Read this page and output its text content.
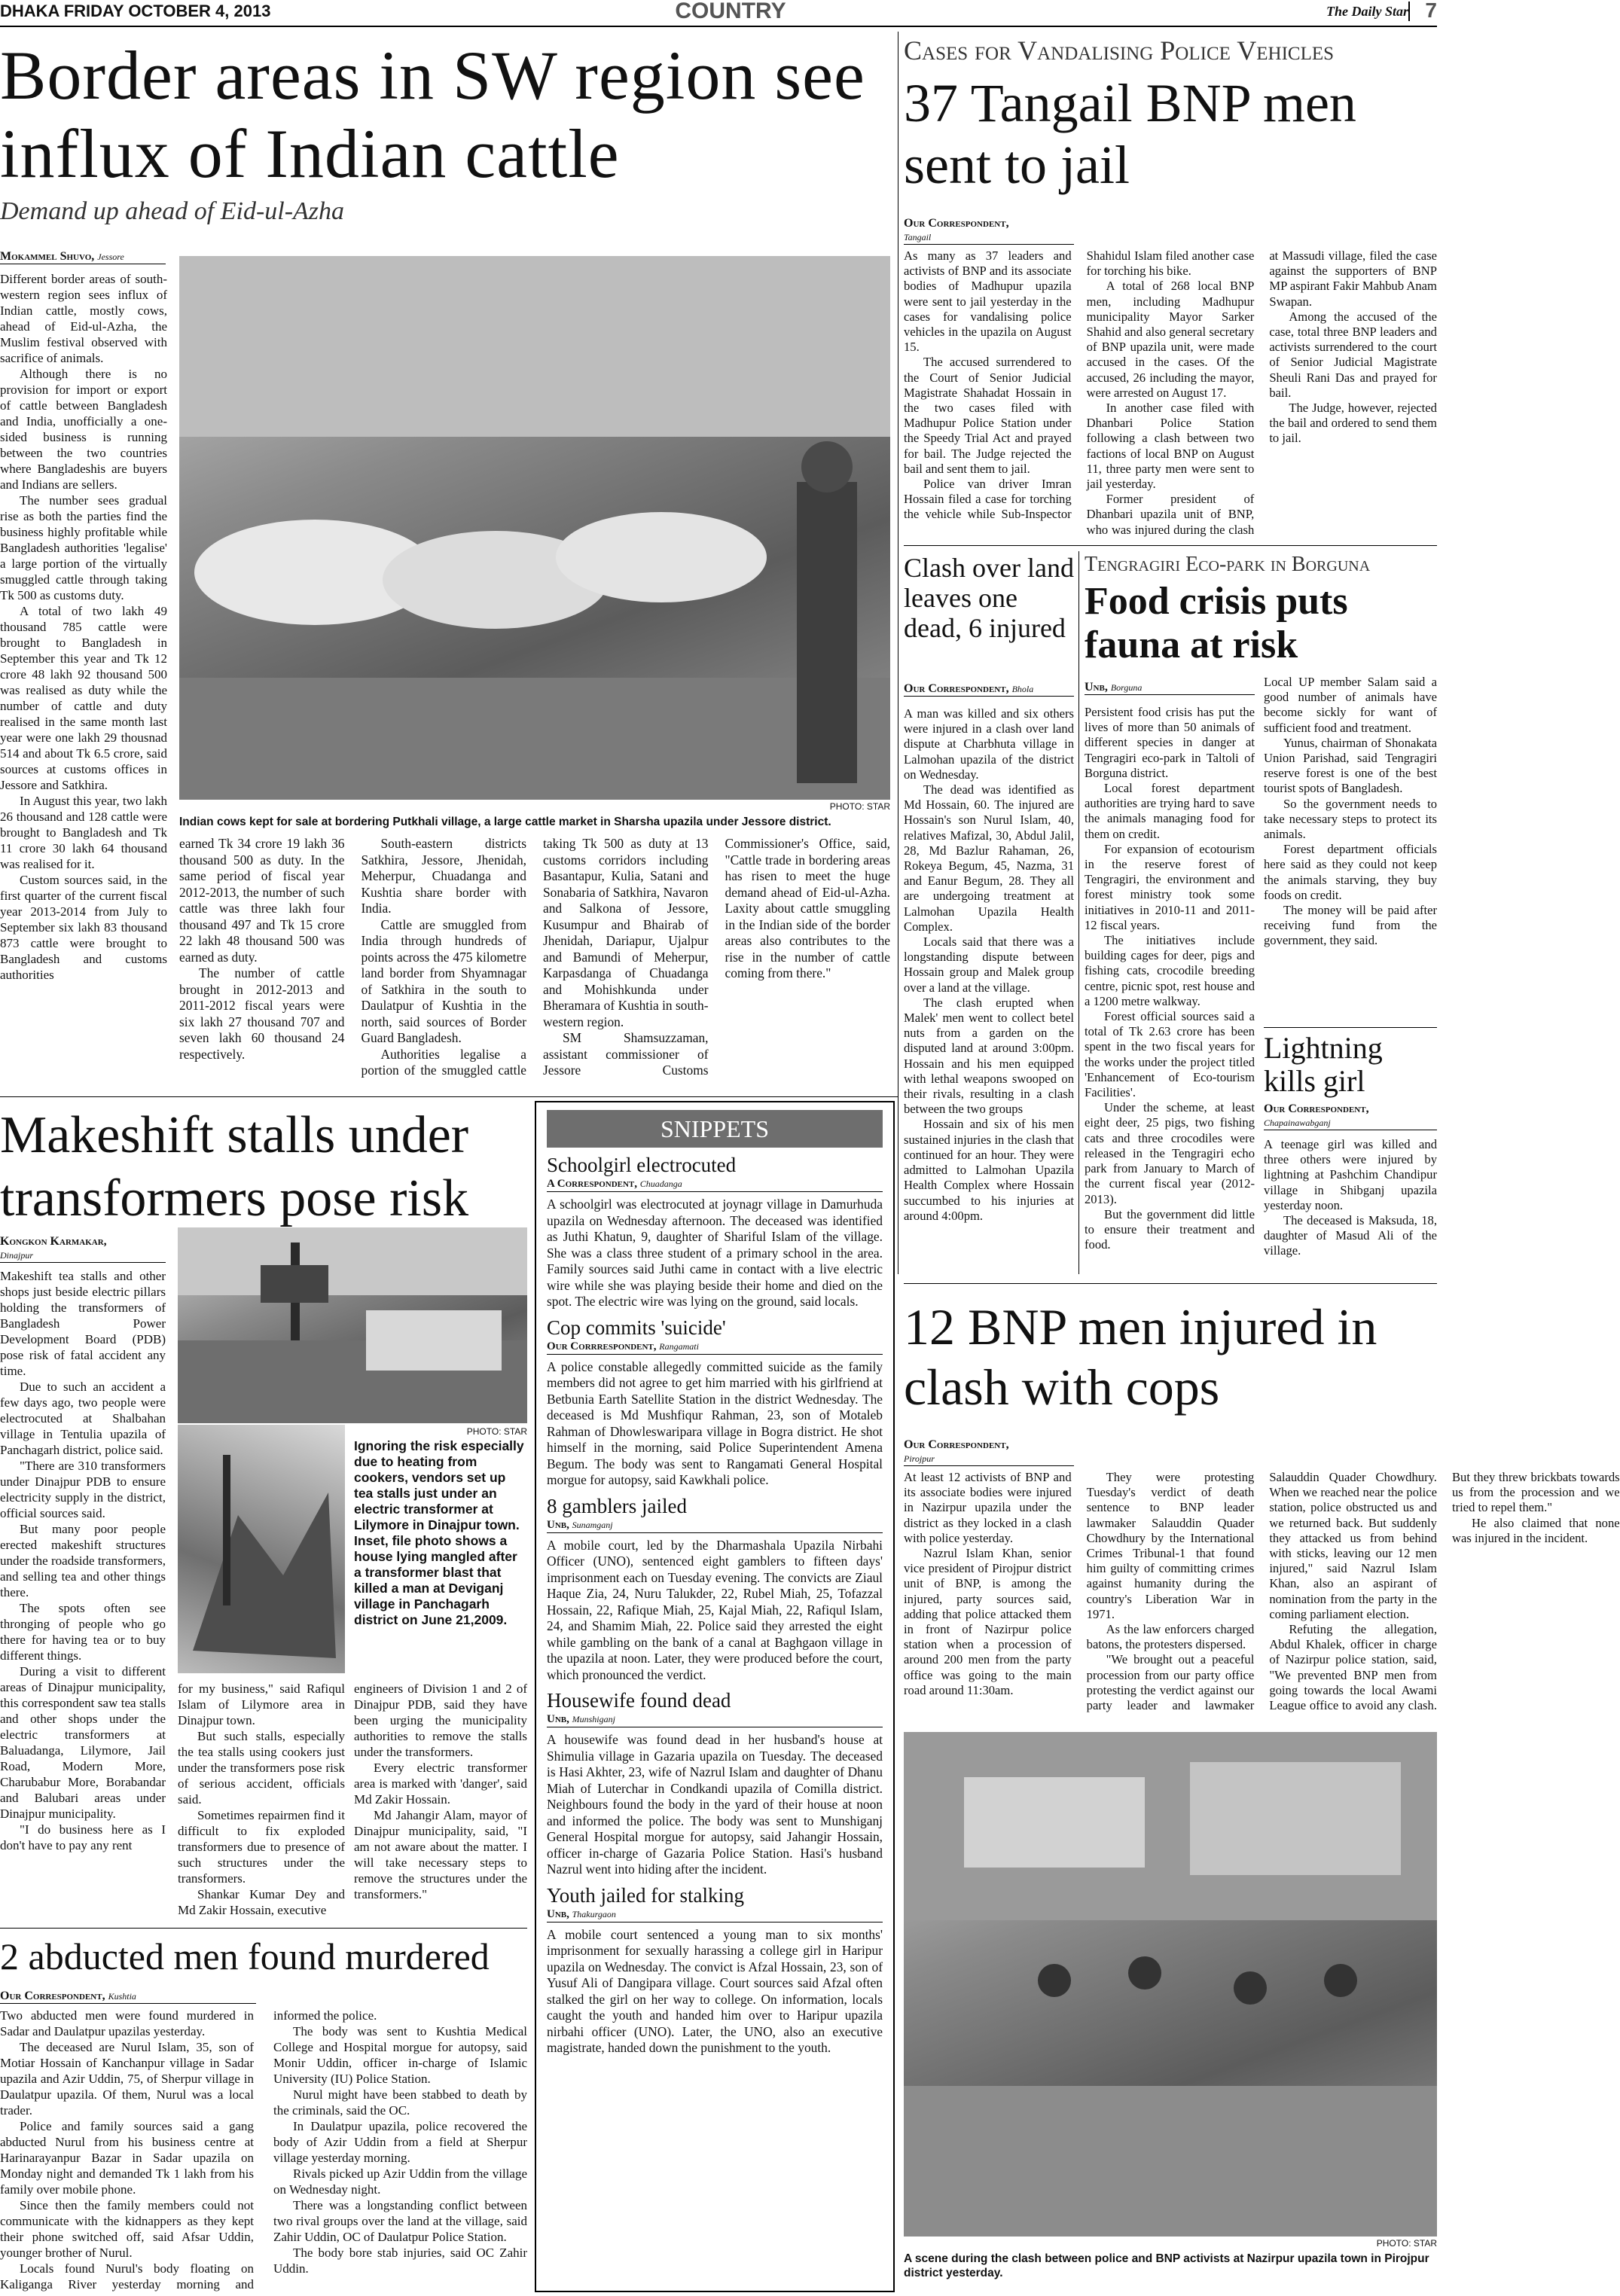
DHAKA FRIDAY OCTOBER 4, 2013	COUNTRY	The Daily Star 7
Border areas in SW region see influx of Indian cattle
Demand up ahead of Eid-ul-Azha
Mokammel Shuvo, Jessore

Different border areas of south-western region sees influx of Indian cattle, mostly cows, ahead of Eid-ul-Azha, the Muslim festival observed with sacrifice of animals.

Although there is no provision for import or export of cattle between Bangladesh and India, unofficially a one-sided business is running between the two countries where Bangladeshis are buyers and Indians are sellers.

The number sees gradual rise as both the parties find the business highly profitable while Bangladesh authorities 'legalise' a large portion of the virtually smuggled cattle through taking Tk 500 as customs duty.

A total of two lakh 49 thousand 785 cattle were brought to Bangladesh in September this year and Tk 12 crore 48 lakh 92 thousand 500 was realised as duty while the number of cattle and duty realised in the same month last year were one lakh 29 thousnad 514 and about Tk 6.5 crore, said sources at customs offices in Jessore and Satkhira.

In August this year, two lakh 26 thousand and 128 cattle were brought to Bangladesh and Tk 11 crore 30 lakh 64 thousand was realised for it.

Custom sources said, in the first quarter of the current fiscal year 2013-2014 from July to September six lakh 83 thousand 873 cattle were brought to Bangladesh and customs authorities

PHOTO: STAR
Indian cows kept for sale at bordering Putkhali village, a large cattle market in Sharsha upazila under Jessore district.

earned Tk 34 crore 19 lakh 36 thousand 500 as duty. In the same period of fiscal year 2012-2013, the number of such cattle was three lakh four thousand 497 and Tk 15 crore 22 lakh 48 thousand 500 was earned as duty.

The number of cattle brought in 2012-2013 and 2011-2012 fiscal years were six lakh 27 thousand 707 and seven lakh 60 thousand 24 respectively.

South-eastern districts Satkhira, Jessore, Jhenidah, Meherpur, Chuadanga and Kushtia share border with India.

Cattle are smuggled from India through hundreds of points across the 475 kilometre land border from Shyamnagar of Satkhira in the south to Daulatpur of Kushtia in the north, said sources of Border Guard Bangladesh.

Authorities legalise a portion of the smuggled cattle taking Tk 500 as duty at 13 customs corridors including Basantapur, Kulia, Satani and Sonabaria of Satkhira, Navaron and Salkona of Jessore, Kusumpur and Bhairab of Jhenidah, Dariapur, Ujalpur and Bamundi of Meherpur, Karpasdanga of Chuadanga and Mohishkunda under Bheramara of Kushtia in south-western region.

SM Shamsuzzaman, assistant commissioner of Jessore Customs Commissioner's Office, said, "Cattle trade in bordering areas has risen to meet the huge demand ahead of Eid-ul-Azha. Laxity about cattle smuggling in the Indian side of the border areas also contributes to the rise in the number of cattle coming from there."

Cases for Vandalising Police Vehicles
37 Tangail BNP men sent to jail
Our Correspondent,
Tangail

As many as 37 leaders and activists of BNP and its associate bodies of Madhupur upazila were sent to jail yesterday in the cases for vandalising police vehicles in the upazila on August 15.

The accused surrendered to the Court of Senior Judicial Magistrate Shahadat Hossain in the two cases filed with Madhupur Police Station under the Speedy Trial Act and prayed for bail. The Judge rejected the bail and sent them to jail.

Police van driver Imran Hossain filed a case for torching the vehicle while Sub-Inspector Shahidul Islam filed another case for torching his bike.

A total of 268 local BNP men, including Madhupur municipality Mayor Sarker Shahid and also general secretary of BNP upazila unit, were made accused in the cases. Of the accused, 26 including the mayor, were arrested on August 17.

In another case filed with Dhanbari Police Station following a clash between two factions of local BNP on August 11, three party men were sent to jail yesterday.

Former president of Dhanbari upazila unit of BNP, who was injured during the clash at Massudi village, filed the case against the supporters of BNP MP aspirant Fakir Mahbub Anam Swapan.

Among the accused of the case, total three BNP leaders and activists surrendered to the court of Senior Judicial Magistrate Sheuli Rani Das and prayed for bail.

The Judge, however, rejected the bail and ordered to send them to jail.

Clash over land leaves one dead, 6 injured
Our Correspondent, Bhola

A man was killed and six others were injured in a clash over land dispute at Charbhuta village in Lalmohan upazila of the district on Wednesday.

The dead was identified as Md Hossain, 60. The injured are Hossain's son Nurul Islam, 40, relatives Mafizal, 30, Abdul Jalil, 28, Md Bazlur Rahaman, 26, Rokeya Begum, 45, Nazma, 31 and Eanur Begum, 28. They all are undergoing treatment at Lalmohan Upazila Health Complex.

Locals said that there was a longstanding dispute between Hossain group and Malek group over a land at the village.

The clash erupted when Malek' men went to collect betel nuts from a garden on the disputed land at around 3:00pm. Hossain and his men equipped with lethal weapons swooped on their rivals, resulting in a clash between the two groups

Hossain and six of his men sustained injuries in the clash that continued for an hour. They were admitted to Lalmohan Upazila Health Complex where Hossain succumbed to his injuries at around 4:00pm.

Tengragiri Eco-park in Borguna
Food crisis puts fauna at risk
Unb, Borguna

Persistent food crisis has put the lives of more than 50 animals of different species in danger at Tengragiri eco-park in Taltoli of Borguna district.

Local forest department authorities are trying hard to save the animals managing food for them on credit.

For expansion of ecotourism in the reserve forest of Tengragiri, the environment and forest ministry took some initiatives in 2010-11 and 2011-12 fiscal years.

The initiatives include building cages for deer, pigs and fishing cats, crocodile breeding centre, picnic spot, rest house and a 1200 metre walkway.

Forest official sources said a total of Tk 2.63 crore has been spent in the two fiscal years for the works under the project titled 'Enhancement of Eco-tourism Facilities'.

Under the scheme, at least eight deer, 25 pigs, two fishing cats and three crocodiles were released in the Tengragiri echo park from January to March of the current fiscal year (2012-2013).

But the government did little to ensure their treatment and food.

Local UP member Salam said a good number of animals have become sickly for want of sufficient food and treatment.

Yunus, chairman of Shonakata Union Parishad, said Tengragiri reserve forest is one of the best tourist spots of Bangladesh.

So the government needs to take necessary steps to protect its animals.

Forest department officials here said as they could not keep the animals starving, they buy foods on credit.

The money will be paid after receiving fund from the government, they said.

Lightning kills girl
Our Correspondent,
Chapainawabganj

A teenage girl was killed and three others were injured by lightning at Pashchim Chandipur village in Shibganj upazila yesterday noon.

The deceased is Maksuda, 18, daughter of Masud Ali of the village.

12 BNP men injured in clash with cops
Our Correspondent,
Pirojpur

At least 12 activists of BNP and its associate bodies were injured in Nazirpur upazila under the district as they locked in a clash with police yesterday.

Nazrul Islam Khan, senior vice president of Pirojpur district unit of BNP, is among the injured, party sources said, adding that police attacked them in front of Nazirpur police station when a procession of around 200 men from the party office was going to the main road around 11:30am.

They were protesting Tuesday's verdict of death sentence to BNP leader lawmaker Salauddin Quader Chowdhury by the International Crimes Tribunal-1 that found him guilty of committing crimes against humanity during the country's Liberation War in 1971.

As the law enforcers charged batons, the protesters dispersed.

"We brought out a peaceful procession from our party office protesting the verdict against our party leader and lawmaker Salauddin Quader Chowdhury. When we reached near the police station, police obstructed us and we returned back. But suddenly they attacked us from behind with sticks, leaving our 12 men injured," said Nazrul Islam Khan, also an aspirant of nomination from the party in the coming parliament election.

Refuting the allegation, Abdul Khalek, officer in charge of Nazirpur police station, said, "We prevented BNP men from going towards the local Awami League office to avoid any clash. But they threw brickbats towards us from the procession and we tried to repel them."

He also claimed that none was injured in the incident.

PHOTO: STAR
A scene during the clash between police and BNP activists at Nazirpur upazila town in Pirojpur district yesterday.
Makeshift stalls under transformers pose risk
Kongkon Karmakar,
Dinajpur

Makeshift tea stalls and other shops just beside electric pillars holding the transformers of Bangladesh Power Development Board (PDB) pose risk of fatal accident any time.

Due to such an accident a few days ago, two people were electrocuted at Shalbahan village in Tentulia upazila of Panchagarh district, police said.

"There are 310 transformers under Dinajpur PDB to ensure electricity supply in the district, official sources said.

But many poor people erected makeshift structures under the roadside transformers, and selling tea and other things there.

The spots often see thronging of people who go there for having tea or to buy different things.

During a visit to different areas of Dinajpur municipality, this correspondent saw tea stalls and other shops under the electric transformers at Baluadanga, Lilymore, Jail Road, Modern More, Charubabur More, Borabandar and Balubari areas under Dinajpur municipality.

"I do business here as I don't have to pay any rent

PHOTO: STAR
Ignoring the risk especially due to heating from cookers, vendors set up tea stalls just under an electric transformer at Lilymore in Dinajpur town. Inset, file photo shows a house lying mangled after a transformer blast that killed a man at Deviganj village in Panchagarh district on June 21,2009.

for my business," said Rafiqul Islam of Lilymore area in Dinajpur town.

But such stalls, especially the tea stalls using cookers just under the transformers pose risk of serious accident, officials said.

Sometimes repairmen find it difficult to fix exploded transformers due to presence of such structures under the transformers.

Shankar Kumar Dey and Md Zakir Hossain, executive

engineers of Division 1 and 2 of Dinajpur PDB, said they have been urging the municipality authorities to remove the stalls under the transformers.

Every electric transformer area is marked with 'danger', said Md Zakir Hossain.

Md Jahangir Alam, mayor of Dinajpur municipality, said, "I am not aware about the matter. I will take necessary steps to remove the structures under the transformers."

2 abducted men found murdered
Our Correspondent, Kushtia

Two abducted men were found murdered in Sadar and Daulatpur upazilas yesterday.

The deceased are Nurul Islam, 35, son of Motiar Hossain of Kanchanpur village in Sadar upazila and Azir Uddin, 75, of Sherpur village in Daulatpur upazila. Of them, Nurul was a local trader.

Police and family sources said a gang abducted Nurul from his business centre at Harinarayanpur Bazar in Sadar upazila on Monday night and demanded Tk 1 lakh from his family over mobile phone.

Since then the family members could not communicate with the kidnappers as they kept their phone switched off, said Afsar Uddin, younger brother of Nurul.

Locals found Nurul's body floating on Kaliganga River yesterday morning and informed the police.

The body was sent to Kushtia Medical College and Hospital morgue for autopsy, said Monir Uddin, officer in-charge of Islamic University (IU) Police Station.

Nurul might have been stabbed to death by the criminals, said the OC.

In Daulatpur upazila, police recovered the body of Azir Uddin from a field at Sherpur village yesterday morning.

Rivals picked up Azir Uddin from the village on Wednesday night.

There was a longstanding conflict between two rival groups over the land at the village, said Zahir Uddin, OC of Daulatpur Police Station.

The body bore stab injuries, said OC Zahir Uddin.

SNIPPETS
Schoolgirl electrocuted
A Correspondent, Chuadanga

A schoolgirl was electrocuted at joynagr village in Damurhuda upazila on Wednesday afternoon. The deceased was identified as Juthi Khatun, 9, daughter of Shariful Islam of the village. She was a class three student of a primary school in the area. Family sources said Juthi came in contact with a live electric wire while she was playing beside their home and died on the spot. The electric wire was lying on the ground, said locals.

Cop commits 'suicide'
Our Corrrespondent, Rangamati

A police constable allegedly committed suicide as the family members did not agree to get him married with his girlfriend at Betbunia Earth Satellite Station in the district Wednesday. The deceased is Md Mushfiqur Rahman, 23, son of Motaleb Rahman of Dhowleswaripara village in Bogra district. He shot himself in the morning, said Police Superintendent Amena Begum. The body was sent to Rangamati General Hospital morgue for autopsy, said Kawkhali police.

8 gamblers jailed
Unb, Sunamganj

A mobile court, led by the Dharmashala Upazila Nirbahi Officer (UNO), sentenced eight gamblers to fifteen days' imprisonment each on Tuesday evening. The convicts are Ziaul Haque Zia, 24, Nuru Talukder, 22, Rubel Miah, 25, Tofazzal Hossain, 22, Rafique Miah, 25, Kajal Miah, 22, Rafiqul Islam, 24, and Shamim Miah, 22. Police said they arrested the eight while gambling on the bank of a canal at Baghgaon village in the upazila at noon. Later, they were produced before the court, which pronounced the verdict.

Housewife found dead
Unb, Munshiganj

A housewife was found dead in her husband's house at Shimulia village in Gazaria upazila on Tuesday. The deceased is Hasi Akhter, 23, wife of Nazrul Islam and daughter of Dhanu Miah of Luterchar in Condkandi upazila of Comilla district. Neighbours found the body in the yard of their house at noon and informed the police. The body was sent to Munshiganj General Hospital morgue for autopsy, said Jahangir Hossain, officer in-charge of Gazaria Police Station. Hasi's husband Nazrul went into hiding after the incident.

Youth jailed for stalking
Unb, Thakurgaon

A mobile court sentenced a young man to six months' imprisonment for sexually harassing a college girl in Haripur upazila on Wednesday. The convict is Afzal Hossain, 23, son of Yusuf Ali of Dangipara village. Court sources said Afzal often stalked the girl on her way to college. On information, locals caught the youth and handed him over to Haripur upazila nirbahi officer (UNO). Later, the UNO, also an executive magistrate, handed down the punishment to the youth.
